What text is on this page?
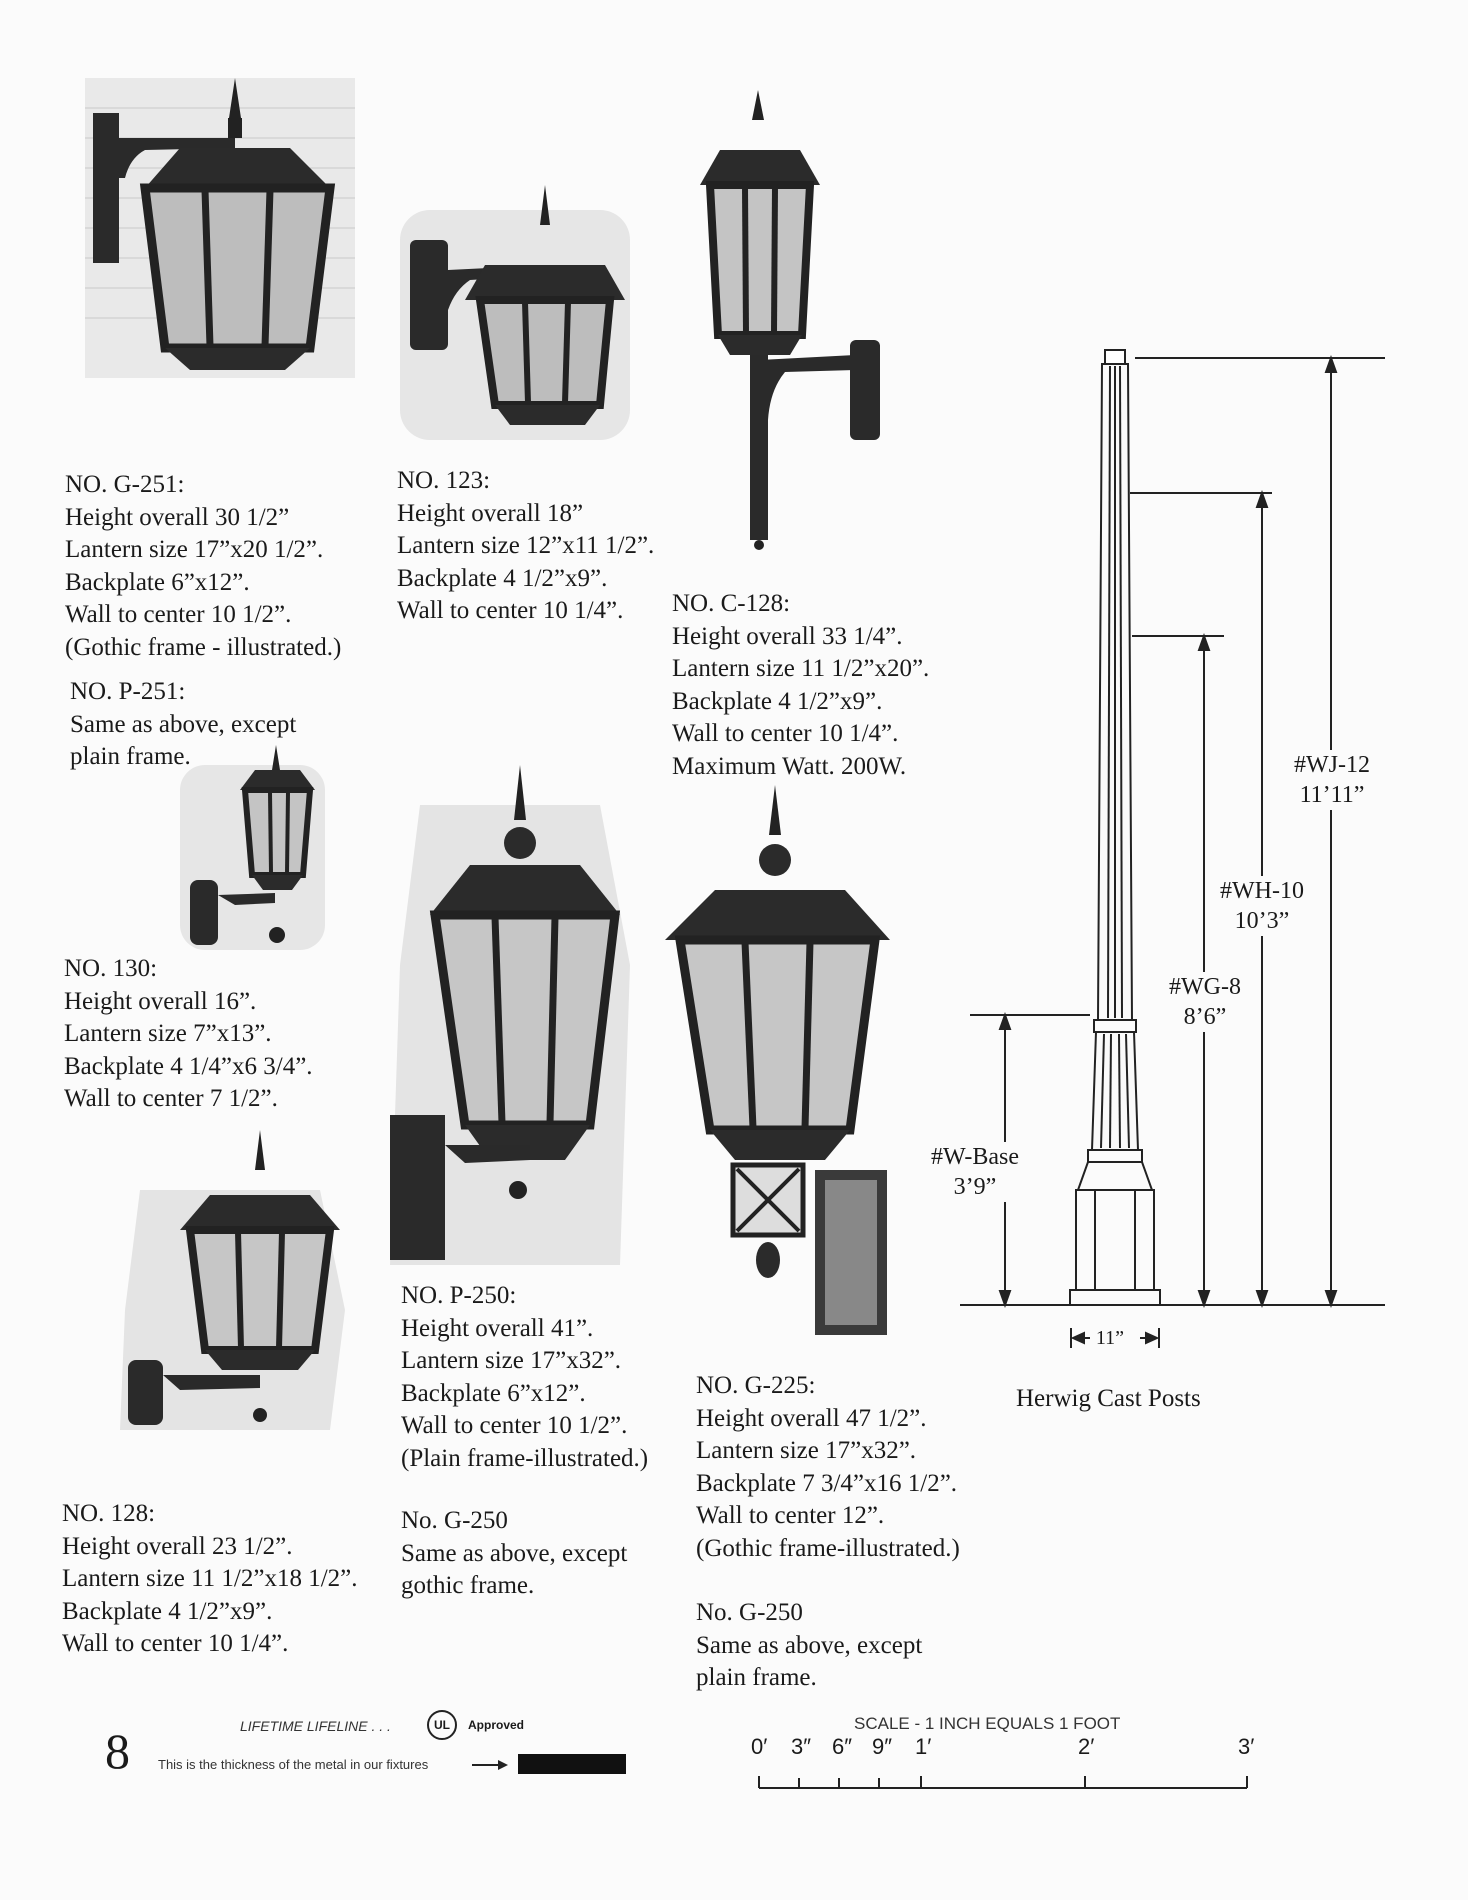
NO. G-251:
Height overall 30 1/2”
Lantern size 17”x20 1/2”.
Backplate 6”x12”.
Wall to center 10 1/2”.
(Gothic frame - illustrated.)
NO. P-251:
Same as above, except
plain frame.
NO. 123:
Height overall 18”
Lantern size 12”x11 1/2”.
Backplate 4 1/2”x9”.
Wall to center 10 1/4”.	NO. C-128:
Height overall 33 1/4”.
Lantern size 11 1/2”x20”.
Backplate 4 1/2”x9”.
Wall to center 10 1/4”.
Maximum Watt. 200W.
NO. 130:
Height overall 16”.
Lantern size 7”x13”.
Backplate 4 1/4”x6 3/4”.
Wall to center 7 1/2”.
NO. 128:
Height overall 23 1/2”.
Lantern size 11 1/2”x18 1/2”.
Backplate 4 1/2”x9”.
Wall to center 10 1/4”.
NO. P-250:
Height overall 41”.
Lantern size 17”x32”.
Backplate 6”x12”.
Wall to center 10 1/2”.
(Plain frame-illustrated.)
No. G-250
Same as above, except
gothic frame.
NO. G-225:
Height overall 47 1/2”.
Lantern size 17”x32”.
Backplate 7 3/4”x16 1/2”.
Wall to center 12”.
(Gothic frame-illustrated.)
No. G-250
Same as above, except
plain frame.
#WJ-12
11’11”
#WH-10
10’3”
#WG-8
8’6”
#W-Base
3’9”
11”
Herwig Cast Posts
8	LIFETIME LIFELINE . . .	UL	Approved
This is the thickness of the metal in our fixtures
SCALE - 1 INCH EQUALS 1 FOOT
0′ 3″ 6″ 9″ 1′	2′	3′
